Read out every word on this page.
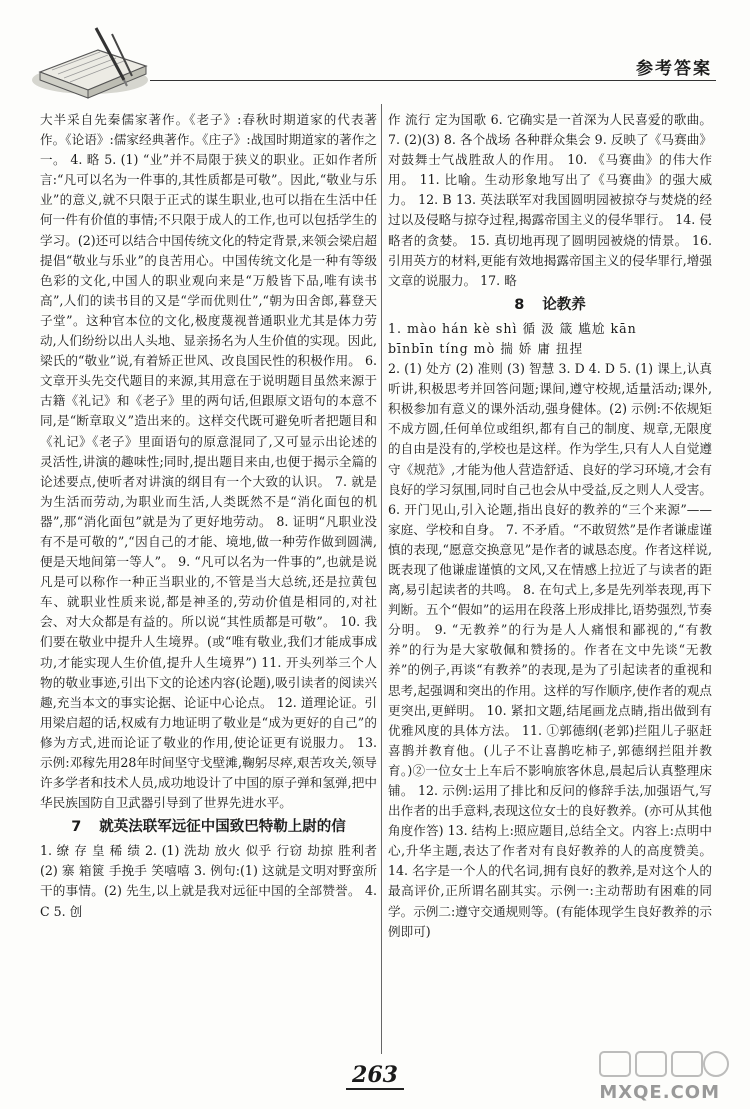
参考答案

大半采自先秦儒家著作。《老子》:春秋时期道家的代表著作。《论语》:儒家经典著作。《庄子》:战国时期道家的著作之一。 4. 略 5. (1) “业”并不局限于狭义的职业。正如作者所言:“凡可以名为一件事的,其性质都是可敬”。因此,“敬业与乐业”的意义,就不只限于正式的谋生职业,也可以指在生活中任何一件有价值的事情;不只限于成人的工作,也可以包括学生的学习。(2)还可以结合中国传统文化的特定背景,来领会梁启超提倡“敬业与乐业”的良苦用心。中国传统文化是一种有等级色彩的文化,中国人的职业观向来是“万般皆下品,唯有读书高”,人们的读书目的又是“学而优则仕”,“朝为田舍郎,暮登天子堂”。这种官本位的文化,极度蔑视普通职业尤其是体力劳动,人们纷纷以出人头地、显亲扬名为人生价值的实现。因此,梁氏的“敬业”说,有着矫正世风、改良国民性的积极作用。 6. 文章开头先交代题目的来源,其用意在于说明题目虽然来源于古籍《礼记》和《老子》里的两句话,但跟原文语句的本意不同,是“断章取义”造出来的。这样交代既可避免听者把题目和《礼记》《老子》里面语句的原意混同了,又可显示出论述的灵活性,讲演的趣味性;同时,提出题目来由,也便于揭示全篇的论述要点,使听者对讲演的纲目有一个大致的认识。 7. 就是为生活而劳动,为职业而生活,人类既然不是“消化面包的机器”,那“消化面包”就是为了更好地劳动。 8. 证明“凡职业没有不是可敬的”,“因自己的才能、境地,做一种劳作做到圆满,便是天地间第一等人”。 9. “凡可以名为一件事的”,也就是说凡是可以称作一种正当职业的,不管是当大总统,还是拉黄包车、就职业性质来说,都是神圣的,劳动价值是相同的,对社会、对大众都是有益的。所以说“其性质都是可敬”。 10. 我们要在敬业中提升人生境界。(或“唯有敬业,我们才能成事成功,才能实现人生价值,提升人生境界”) 11. 开头列举三个人物的敬业事迹,引出下文的论述内容(论题),吸引读者的阅读兴趣,充当本文的事实论据、论证中心论点。 12. 道理论证。引用梁启超的话,权威有力地证明了敬业是“成为更好的自己”的修为方式,进而论证了敬业的作用,使论证更有说服力。 13. 示例:邓稼先用28年时间坚守戈壁滩,鞠躬尽瘁,艰苦攻关,领导许多学者和技术人员,成功地设计了中国的原子弹和氢弹,把中华民族国防自卫武器引导到了世界先进水平。

7 就英法联军远征中国致巴特勒上尉的信

1. 缭 存 皇 稀 绩 2. (1) 洗劫 放火 似乎 行窃 劫掠 胜利者 (2) 寨 箱篋 手挽手 笑嘻嘻 3. 例句:(1) 这就是文明对野蛮所干的事情。(2) 先生,以上就是我对远征中国的全部赞誉。 4. C 5. 创

作 流行 定为国歌 6. 它确实是一首深为人民喜爱的歌曲。 7. (2)(3) 8. 各个战场 各种群众集会 9. 反映了《马赛曲》对鼓舞士气战胜敌人的作用。 10. 《马赛曲》的伟大作用。 11. 比喻。生动形象地写出了《马赛曲》的强大威力。 12. B 13. 英法联军对我国圆明园被掠夺与焚烧的经过以及侵略与掠夺过程,揭露帝国主义的侵华罪行。 14. 侵略者的贪婪。 15. 真切地再现了圆明园被烧的情景。 16. 引用英方的材料,更能有效地揭露帝国主义的侵华罪行,增强文章的说服力。 17. 略

8 论教养

1. mào hán kè shì 循 汲 箴 尴尬 kān

bīnbīn tíng mò 揣 娇 庸 扭捏

2. (1) 处方 (2) 准则 (3) 智慧 3. D 4. D 5. (1) 课上,认真听讲,积极思考并回答问题;课间,遵守校规,适量活动;课外,积极参加有意义的课外活动,强身健体。(2) 示例:不依规矩不成方圆,任何单位或组织,都有自己的制度、规章,无限度的自由是没有的,学校也是这样。作为学生,只有人人自觉遵守《规范》,才能为他人营造舒适、良好的学习环境,才会有良好的学习氛围,同时自己也会从中受益,反之则人人受害。 6. 开门见山,引入论题,指出良好的教养的“三个来源”——家庭、学校和自身。 7. 不矛盾。“不敢贸然”是作者谦虚谨慎的表现,“愿意交换意见”是作者的诚恳态度。作者这样说,既表现了他谦虚谨慎的文风,又在情感上拉近了与读者的距离,易引起读者的共鸣。 8. 在句式上,多是先列举表现,再下判断。五个“假如”的运用在段落上形成排比,语势强烈,节奏分明。 9. “无教养”的行为是人人痛恨和鄙视的,“有教养”的行为是大家敬佩和赞扬的。作者在文中先谈“无教养”的例子,再谈“有教养”的表现,是为了引起读者的重视和思考,起强调和突出的作用。这样的写作顺序,使作者的观点更突出,更鲜明。 10. 紧扣文题,结尾画龙点睛,指出做到有优雅风度的具体方法。 11. ①郭德纲(老郭)拦阻儿子驱赶喜鹊并教育他。(儿子不让喜鹊吃柿子,郭德纲拦阻并教育。)②一位女士上车后不影响旅客休息,晨起后认真整理床铺。 12. 示例:运用了排比和反问的修辞手法,加强语气,写出作者的出手意料,表现这位女士的良好教养。(亦可从其他角度作答) 13. 结构上:照应题目,总结全文。内容上:点明中心,升华主题,表达了作者对有良好教养的人的高度赞美。 14. 名字是一个人的代名词,拥有良好的教养,是对这个人的最高评价,正所谓名副其实。示例一:主动帮助有困难的同学。示例二:遵守交通规则等。(有能体现学生良好教养的示例即可)

263
MXQE.COM
